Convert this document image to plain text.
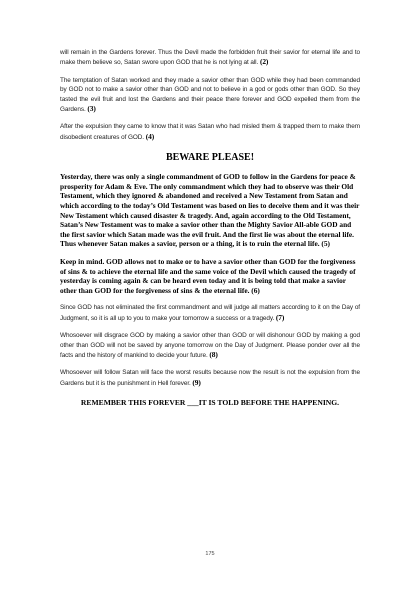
will remain in the Gardens forever. Thus the Devil made the forbidden fruit their savior for eternal life and to make them believe so, Satan swore upon GOD that he is not lying at all. (2)

The temptation of Satan worked and they made a savior other than GOD while they had been commanded by GOD not to make a savior other than GOD and not to believe in a god or gods other than GOD. So they tasted the evil fruit and lost the Gardens and their peace there forever and GOD expelled them from the Gardens. (3)

After the expulsion they came to know that it was Satan who had misled them & trapped them to make them disobedient creatures of GOD. (4)

BEWARE PLEASE!

Yesterday, there was only a single commandment of GOD to follow in the Gardens for peace & prosperity for Adam & Eve. The only commandment which they had to observe was their Old Testament, which they ignored & abandoned and received a New Testament from Satan and which according to the today’s Old Testament was based on lies to deceive them and it was their New Testament which caused disaster & tragedy. And, again according to the Old Testament, Satan’s New Testament was to make a savior other than the Mighty Savior All-able GOD and the first savior which Satan made was the evil fruit. And the first lie was about the eternal life. Thus whenever Satan makes a savior, person or a thing, it is to ruin the eternal life. (5)

Keep in mind. GOD allows not to make or to have a savior other than GOD for the forgiveness of sins & to achieve the eternal life and the same voice of the Devil which caused the tragedy of yesterday is coming again & can be heard even today and it is being told that make a savior other than GOD for the forgiveness of sins & the eternal life. (6)

Since GOD has not eliminated the first commandment and will judge all matters according to it on the Day of Judgment, so it is all up to you to make your tomorrow a success or a tragedy. (7)

Whosoever will disgrace GOD by making a savior other than GOD or will dishonour GOD by making a god other than GOD will not be saved by anyone tomorrow on the Day of Judgment. Please ponder over all the facts and the history of mankind to decide your future. (8)

Whosoever will follow Satan will face the worst results because now the result is not the expulsion from the Gardens but it is the punishment in Hell forever. (9)

REMEMBER THIS FOREVER ___IT IS TOLD BEFORE THE HAPPENING.
175
